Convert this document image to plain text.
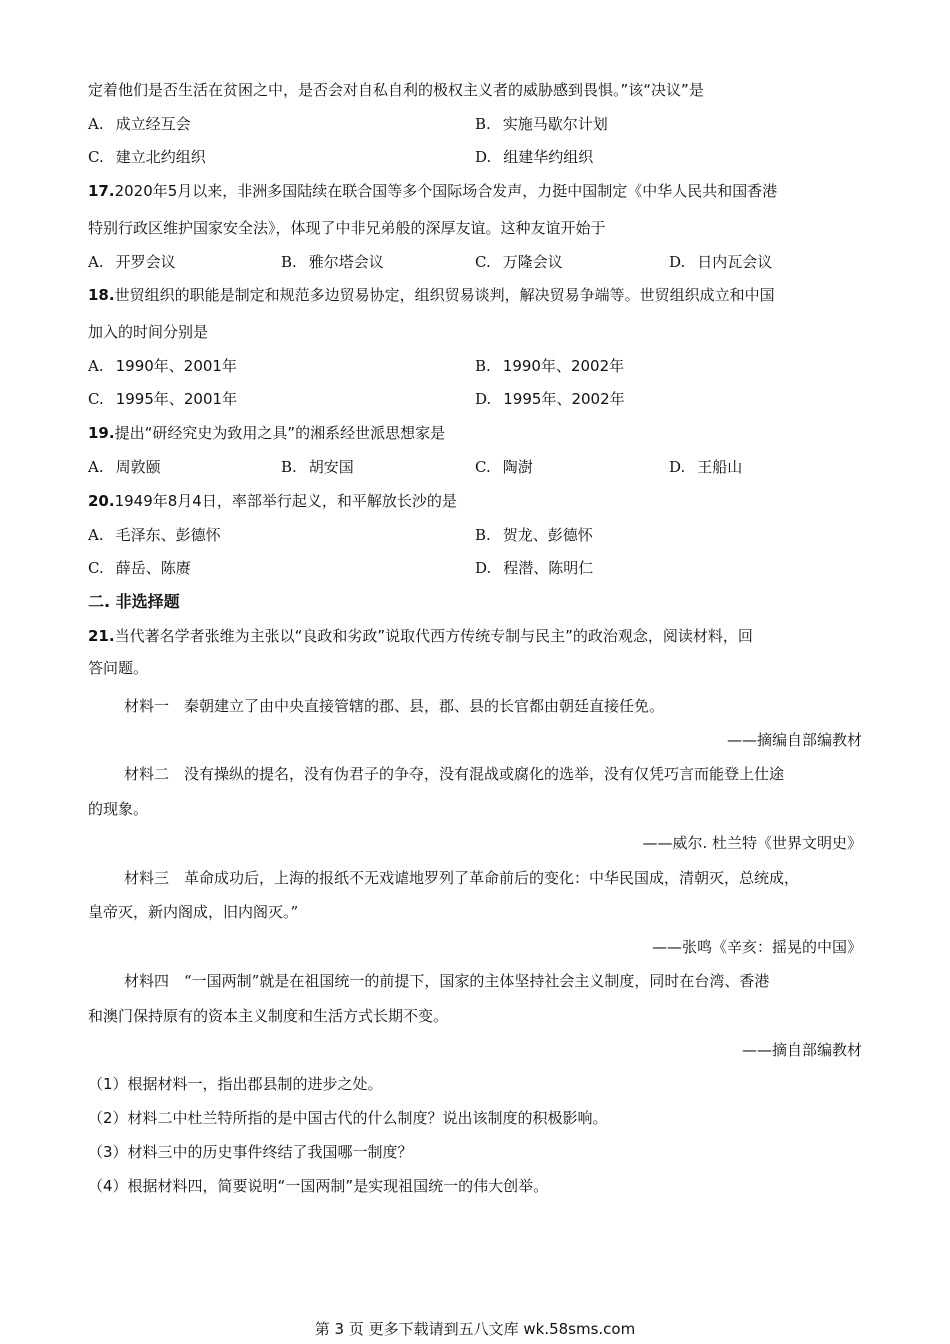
定着他们是否生活在贫困之中，是否会对自私自利的极权主义者的威胁感到畏惧。”该“决议”是
A. 成立经互会	B. 实施马歇尔计划
C. 建立北约组织	D. 组建华约组织
17.2020年5月以来，非洲多国陆续在联合国等多个国际场合发声，力挺中国制定《中华人民共和国香港
特别行政区维护国家安全法》，体现了中非兄弟般的深厚友谊。这种友谊开始于
A. 开罗会议	B. 雅尔塔会议	C. 万隆会议	D. 日内瓦会议
18.世贸组织的职能是制定和规范多边贸易协定，组织贸易谈判，解决贸易争端等。世贸组织成立和中国
加入的时间分别是
A. 1990年、2001年	B. 1990年、2002年
C. 1995年、2001年	D. 1995年、2002年
19.提出“研经究史为致用之具”的湘系经世派思想家是
A. 周敦颐	B. 胡安国	C. 陶澍	D. 王船山
20.1949年8月4日，率部举行起义，和平解放长沙的是
A. 毛泽东、彭德怀	B. 贺龙、彭德怀
C. 薛岳、陈赓	D. 程潜、陈明仁
二. 非选择题
21.当代著名学者张维为主张以“良政和劣政”说取代西方传统专制与民主”的政治观念，阅读材料，回
答问题。
材料一　秦朝建立了由中央直接管辖的郡、县，郡、县的长官都由朝廷直接任免。
——摘编自部编教材
材料二　没有操纵的提名，没有伪君子的争夺，没有混战或腐化的选举，没有仅凭巧言而能登上仕途
的现象。
——威尔. 杜兰特《世界文明史》
材料三　革命成功后，上海的报纸不无戏谑地罗列了革命前后的变化：中华民国成，清朝灭，总统成，
皇帝灭，新内阁成，旧内阁灭。”
——张鸣《辛亥：摇晃的中国》
材料四　“一国两制”就是在祖国统一的前提下，国家的主体坚持社会主义制度，同时在台湾、香港
和澳门保持原有的资本主义制度和生活方式长期不变。
——摘自部编教材
（1）根据材料一，指出郡县制的进步之处。
（2）材料二中杜兰特所指的是中国古代的什么制度？说出该制度的积极影响。
（3）材料三中的历史事件终结了我国哪一制度？
（4）根据材料四，简要说明“一国两制”是实现祖国统一的伟大创举。
第 3 页 更多下载请到五八文库 wk.58sms.com
